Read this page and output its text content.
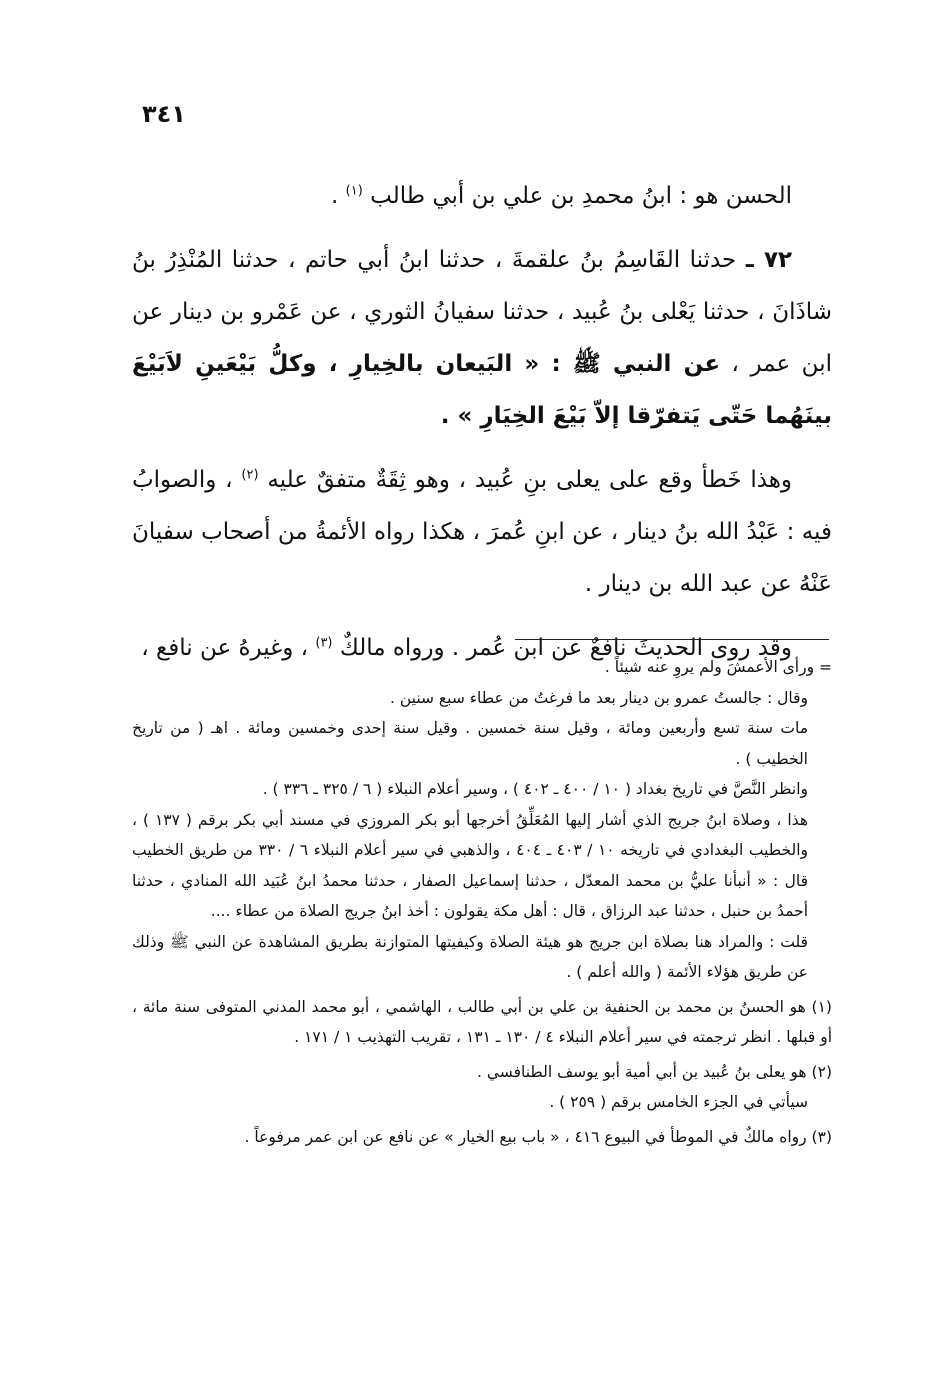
٣٤١

الحسن هو : ابنُ محمدِ بن علي بن أبي طالب $^{(١)}$ .

٧٢ ـ حدثنا القَاسِمُ بنُ علقمةَ ، حدثنا ابنُ أبي حاتم ، حدثنا المُنْذِرُ بنُ شاذَانَ ، حدثنا يَعْلى بنُ عُبيد ، حدثنا سفيانُ الثوري ، عن عَمْرو بن دينار عن ابن عمر ، عن النبي ﷺ : « البَيعان بالخِيارِ ، وكلُّ بَيْعَينِ لاَبَيْعَ بينَهُما حَتّى يَتفرّقا إلاّ بَيْعَ الخِيَارِ » .

وهذا خَطأ وقع على يعلى بنِ عُبيد ، وهو ثِقَةٌ متفقٌ عليه $^{(٢)}$ ، والصوابُ فيه : عَبْدُ الله بنُ دينار ، عن ابنِ عُمرَ ، هكذا رواه الأئمةُ من أصحاب سفيانَ عَنْهُ عن عبد الله بن دينار .

وقد روى الحديثَ نافعٌ عن ابن عُمر . ورواه مالكٌ $^{(٣)}$ ، وغيرهُ عن نافع ،

= ورأى الأعمشَ ولم يروِ عنه شيئاً .

وقال : جالستُ عمرو بن دينار بعد ما فرغتُ من عطاء سبع سنين .

مات سنة تسع وأربعين ومائة ، وقيل سنة خمسين . وقيل سنة إحدى وخمسين ومائة . اهـ ( من تاريخ الخطيب ) .

وانظر النَّصَّ في تاريخ بغداد ( ١٠ / ٤٠٠ ـ ٤٠٢ ) ، وسير أعلام النبلاء ( ٦ / ٣٢٥ ـ ٣٣٦ ) .

هذا ، وصلاة ابنُ جريج الذي أشار إليها المُعَلِّقُ أخرجها أبو بكر المروزي في مسند أبي بكر برقم ( ١٣٧ ) ، والخطيب البغدادي في تاريخه ١٠ / ٤٠٣ ـ ٤٠٤ ، والذهبي في سير أعلام النبلاء ٦ / ٣٣٠ من طريق الخطيب قال : « أنبأنا عليُّ بن محمد المعدّل ، حدثنا إسماعيل الصفار ، حدثنا محمدُ ابنُ عُبَيد الله المنادي ، حدثنا أحمدُ بن حنبل ، حدثنا عبد الرزاق ، قال : أهل مكة يقولون : أخذ ابنُ جريج الصلاة من عطاء ....

قلت : والمراد هنا بصلاة ابن جريج هو هيئة الصلاة وكيفيتها المتوازنة بطريق المشاهدة عن النبي ﷺ وذلك عن طريق هؤلاء الأئمة ( والله أعلم ) .

(١) هو الحسنُ بن محمد بن الحنفية بن علي بن أبي طالب ، الهاشمي ، أبو محمد المدني المتوفى سنة مائة ، أو قبلها . انظر ترجمته في سير أعلام النبلاء ٤ / ١٣٠ ـ ١٣١ ، تقريب التهذيب ١ / ١٧١ .

(٢) هو يعلى بنُ عُبيد بن أبي أمية أبو يوسف الطنافسي .

سيأتي في الجزء الخامس برقم ( ٢٥٩ ) .

(٣) رواه مالكٌ في الموطأ في البيوع ٤١٦ ، « باب بيع الخيار » عن نافع عن ابن عمر مرفوعاً .
